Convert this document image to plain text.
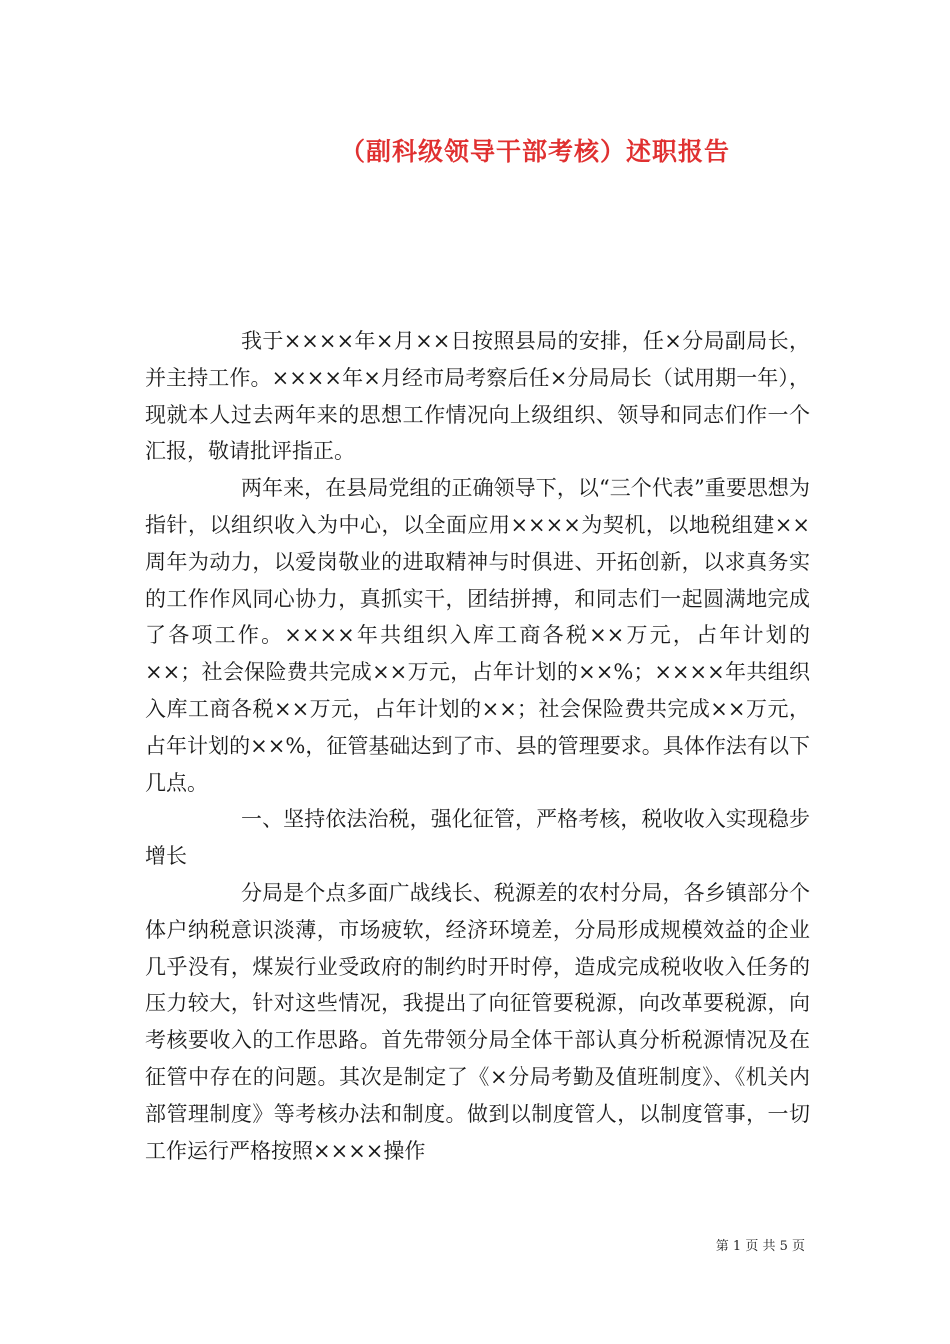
（副科级领导干部考核）述职报告

我于××××年×月××日按照县局的安排，任×分局副局长，并主持工作。××××年×月经市局考察后任×分局局长（试用期一年），现就本人过去两年来的思想工作情况向上级组织、领导和同志们作一个汇报，敬请批评指正。

两年来，在县局党组的正确领导下，以“三个代表”重要思想为指针，以组织收入为中心，以全面应用××××为契机，以地税组建××周年为动力，以爱岗敬业的进取精神与时俱进、开拓创新，以求真务实的工作作风同心协力，真抓实干，团结拼搏，和同志们一起圆满地完成了各项工作。××××年共组织入库工商各税××万元，占年计划的××；社会保险费共完成××万元，占年计划的××%；××××年共组织入库工商各税××万元，占年计划的××；社会保险费共完成××万元，占年计划的××%，征管基础达到了市、县的管理要求。具体作法有以下几点。

一、坚持依法治税，强化征管，严格考核，税收收入实现稳步增长

分局是个点多面广战线长、税源差的农村分局，各乡镇部分个体户纳税意识淡薄，市场疲软，经济环境差，分局形成规模效益的企业几乎没有，煤炭行业受政府的制约时开时停，造成完成税收收入任务的压力较大，针对这些情况，我提出了向征管要税源，向改革要税源，向考核要收入的工作思路。首先带领分局全体干部认真分析税源情况及在征管中存在的问题。其次是制定了《×分局考勤及值班制度》、《机关内部管理制度》等考核办法和制度。做到以制度管人，以制度管事，一切工作运行严格按照××××操作

第 1 页 共 5 页
